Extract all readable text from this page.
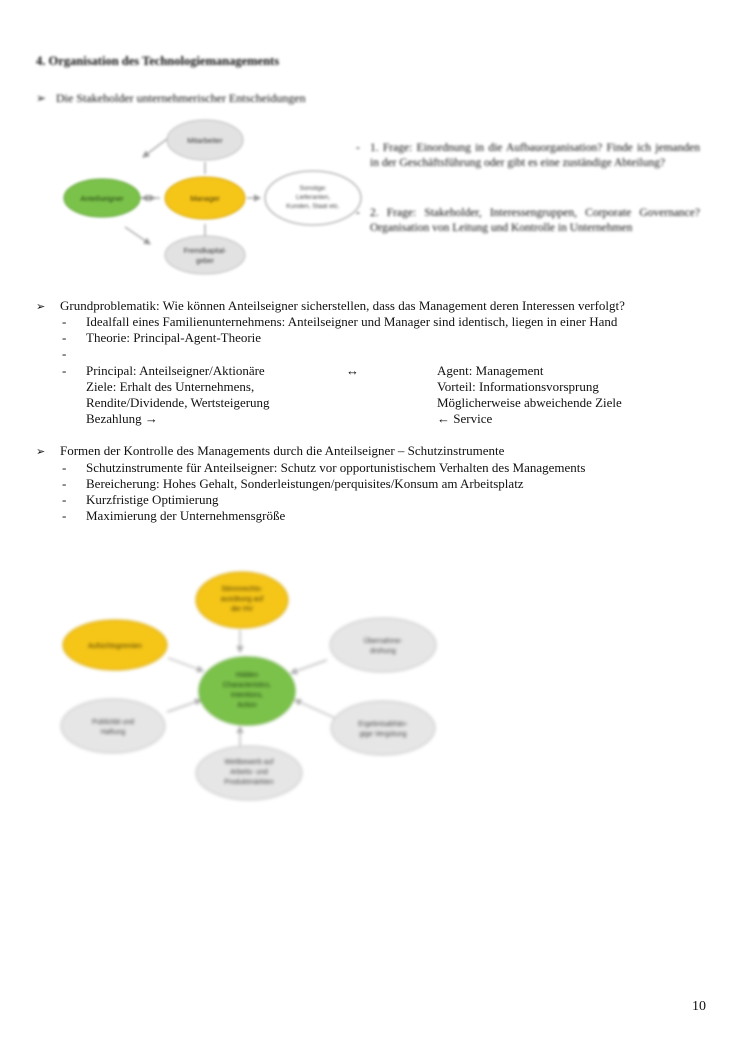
4. Organisation des Technologiemanagements
➢ Die Stakeholder unternehmerischer Entscheidungen
Mitarbeiter
Anteilseigner	Manager
Sonstige:
Lieferanten,
Kunden, Staat etc.
Fremdkapital-
geber
- 1. Frage: Einordnung in die Aufbauorganisation? Finde ich jemanden in der Geschäftsführung oder gibt es eine zuständige Abteilung?
- 2. Frage: Stakeholder, Interessengruppen, Corporate Governance? Organisation von Leitung und Kontrolle in Unternehmen
➢ Grundproblematik: Wie können Anteilseigner sicherstellen, dass das Management deren Interessen verfolgt?
- Idealfall eines Familienunternehmens: Anteilseigner und Manager sind identisch, liegen in einer Hand
- Theorie: Principal-Agent-Theorie
-
- Principal: Anteilseigner/Aktionäre
Ziele: Erhalt des Unternehmens,
Rendite/Dividende, Wertsteigerung
Bezahlung →
↔	Agent: Management
Vorteil: Informationsvorsprung
Möglicherweise abweichende Ziele
← Service
➢ Formen der Kontrolle des Managements durch die Anteilseigner – Schutzinstrumente
- Schutzinstrumente für Anteilseigner: Schutz vor opportunistischem Verhalten des Managements
- Bereicherung: Hohes Gehalt, Sonderleistungen/perquisites/Konsum am Arbeitsplatz
- Kurzfristige Optimierung
- Maximierung der Unternehmensgröße
Stimmrechts-
ausübung auf
der HV
Aufsichtsgremien
Übernahme-
drohung
Hidden
Characteristics,
Intentions,
Action
Publizität und
Haftung
Ergebnisabhän-
gige Vergütung
Wettbewerb auf
Arbeits- und
Produktmärkten
10
